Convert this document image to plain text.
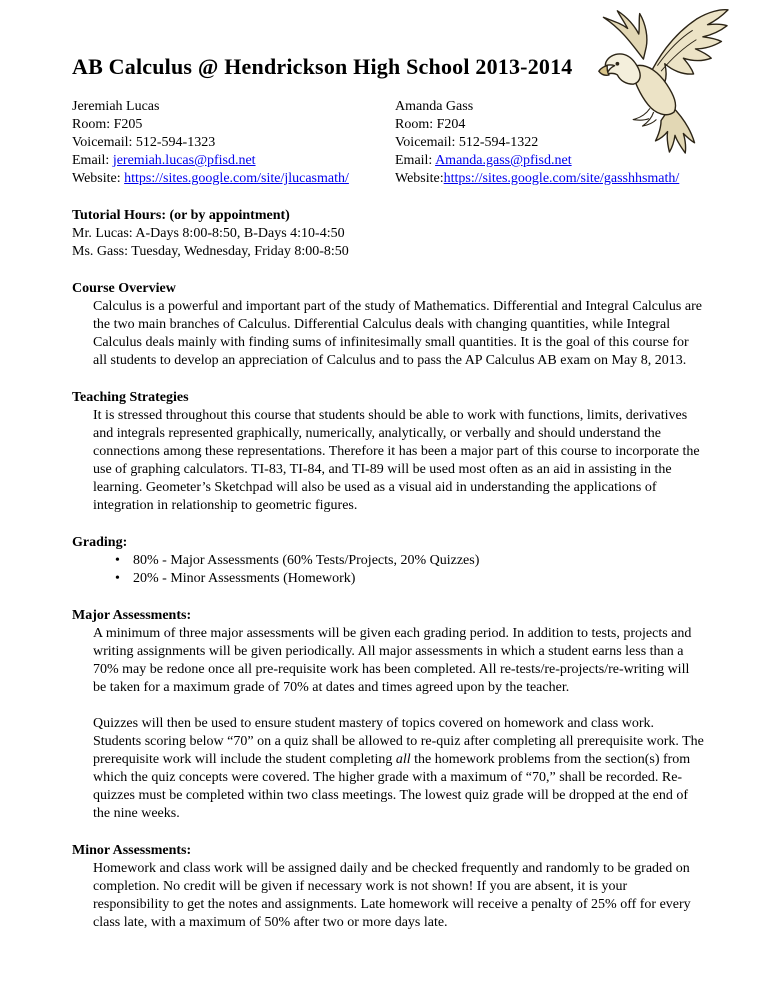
AB Calculus @ Hendrickson High School 2013-2014
Jeremiah Lucas
Room: F205
Voicemail: 512-594-1323
Email: jeremiah.lucas@pfisd.net
Website: https://sites.google.com/site/jlucasmath/
Amanda Gass
Room: F204
Voicemail: 512-594-1322
Email: Amanda.gass@pfisd.net
Website:https://sites.google.com/site/gasshhsmath/
Tutorial Hours: (or by appointment)
Mr. Lucas: A-Days 8:00-8:50, B-Days 4:10-4:50
Ms. Gass: Tuesday, Wednesday, Friday 8:00-8:50
Course Overview
Calculus is a powerful and important part of the study of Mathematics. Differential and Integral Calculus are the two main branches of Calculus. Differential Calculus deals with changing quantities, while Integral Calculus deals mainly with finding sums of infinitesimally small quantities. It is the goal of this course for all students to develop an appreciation of Calculus and to pass the AP Calculus AB exam on May 8, 2013.
Teaching Strategies
It is stressed throughout this course that students should be able to work with functions, limits, derivatives and integrals represented graphically, numerically, analytically, or verbally and should understand the connections among these representations. Therefore it has been a major part of this course to incorporate the use of graphing calculators. TI-83, TI-84, and TI-89 will be used most often as an aid in assisting in the learning. Geometer’s Sketchpad will also be used as a visual aid in understanding the applications of integration in relationship to geometric figures.
Grading:
• 80% - Major Assessments (60% Tests/Projects, 20% Quizzes)
• 20% - Minor Assessments (Homework)
Major Assessments:
A minimum of three major assessments will be given each grading period. In addition to tests, projects and writing assignments will be given periodically. All major assessments in which a student earns less than a 70% may be redone once all pre-requisite work has been completed. All re-tests/re-projects/re-writing will be taken for a maximum grade of 70% at dates and times agreed upon by the teacher.
Quizzes will then be used to ensure student mastery of topics covered on homework and class work. Students scoring below “70” on a quiz shall be allowed to re-quiz after completing all prerequisite work. The prerequisite work will include the student completing all the homework problems from the section(s) from which the quiz concepts were covered. The higher grade with a maximum of “70,” shall be recorded. Re-quizzes must be completed within two class meetings. The lowest quiz grade will be dropped at the end of the nine weeks.
Minor Assessments:
Homework and class work will be assigned daily and be checked frequently and randomly to be graded on completion. No credit will be given if necessary work is not shown! If you are absent, it is your responsibility to get the notes and assignments. Late homework will receive a penalty of 25% off for every class late, with a maximum of 50% after two or more days late.
